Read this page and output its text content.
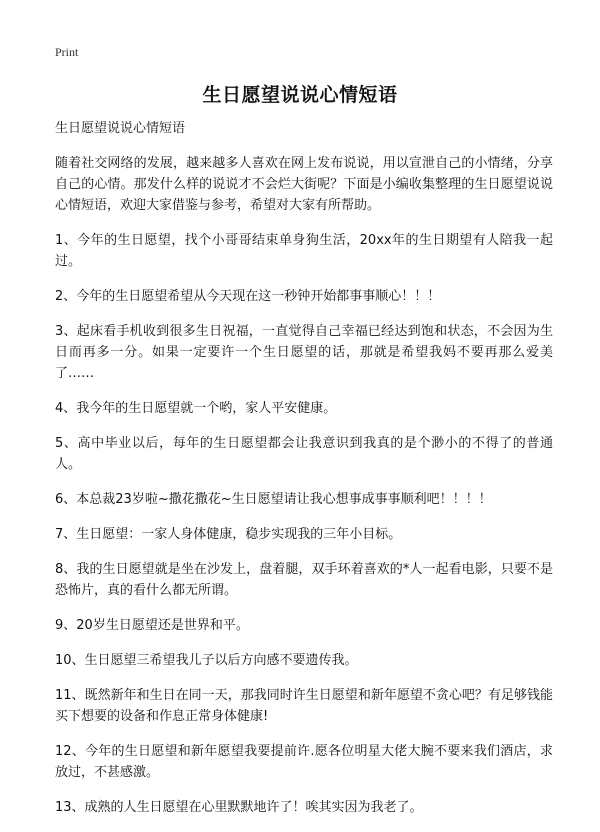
Print
生日愿望说说心情短语

生日愿望说说心情短语

随着社交网络的发展，越来越多人喜欢在网上发布说说，用以宣泄自己的小情绪，分享自己的心情。那发什么样的说说才不会烂大街呢？下面是小编收集整理的生日愿望说说心情短语，欢迎大家借鉴与参考，希望对大家有所帮助。

1、今年的生日愿望，找个小哥哥结束单身狗生活，20xx年的生日期望有人陪我一起过。

2、今年的生日愿望希望从今天现在这一秒钟开始都事事顺心！！！

3、起床看手机收到很多生日祝福，一直觉得自己幸福已经达到饱和状态，不会因为生日而再多一分。如果一定要许一个生日愿望的话，那就是希望我妈不要再那么爱美了……

4、我今年的生日愿望就一个哟，家人平安健康。

5、高中毕业以后，每年的生日愿望都会让我意识到我真的是个渺小的不得了的普通人。

6、本总裁23岁啦~撒花撒花~生日愿望请让我心想事成事事顺利吧！！！！

7、生日愿望：一家人身体健康，稳步实现我的三年小目标。

8、我的生日愿望就是坐在沙发上，盘着腿，双手环着喜欢的*人一起看电影，只要不是恐怖片，真的看什么都无所谓。

9、20岁生日愿望还是世界和平。

10、生日愿望三希望我儿子以后方向感不要遗传我。

11、既然新年和生日在同一天，那我同时许生日愿望和新年愿望不贪心吧？有足够钱能买下想要的设备和作息正常身体健康!

12、今年的生日愿望和新年愿望我要提前许.愿各位明星大佬大腕不要来我们酒店，求放过，不甚感激。

13、成熟的人生日愿望在心里默默地许了！唉其实因为我老了。
